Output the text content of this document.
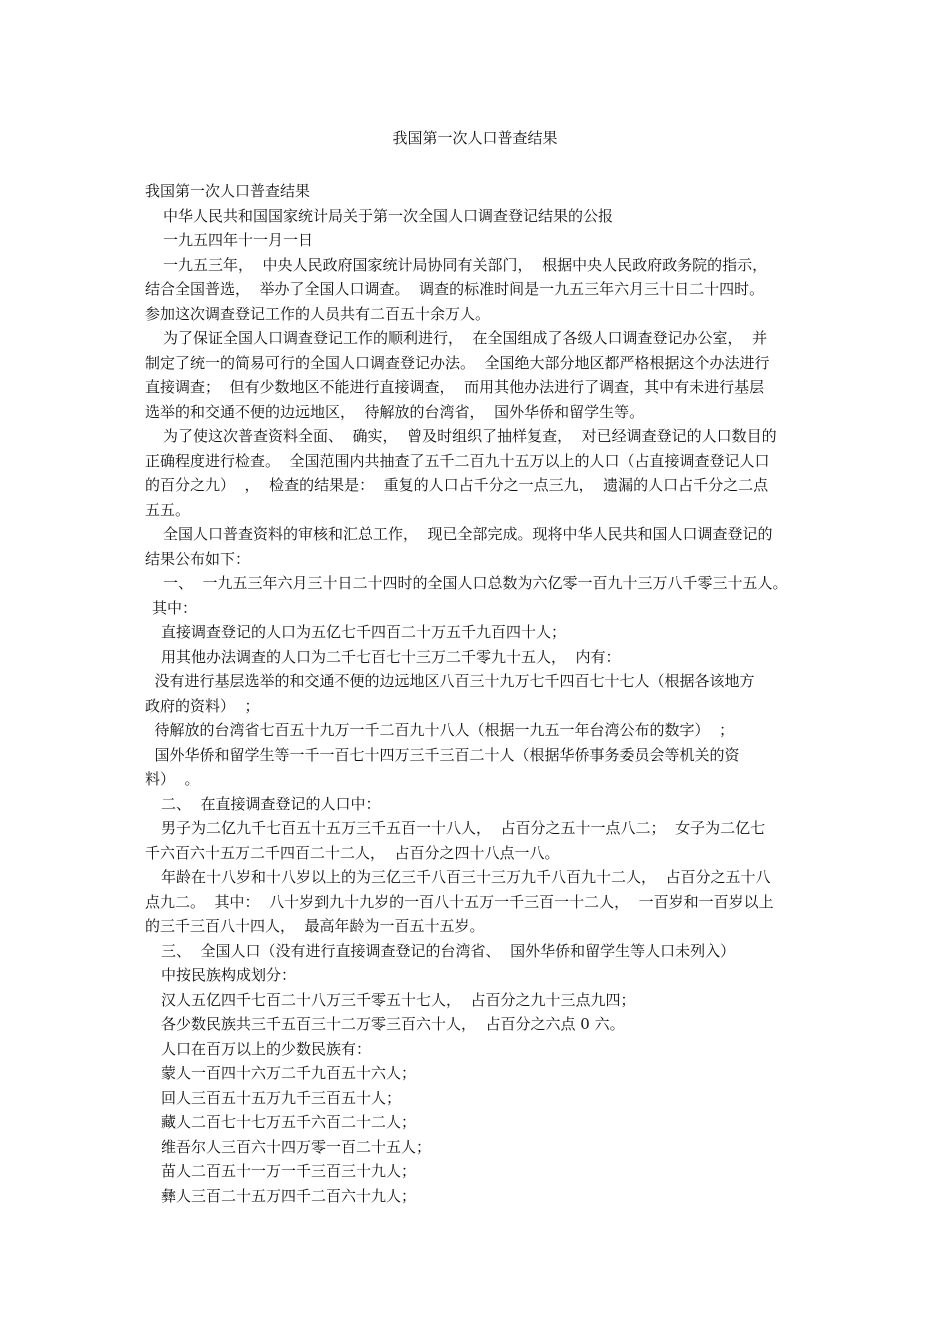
我国第一次人口普查结果
我国第一次人口普查结果
中华人民共和国国家统计局关于第一次全国人口调查登记结果的公报
一九五四年十一月一日
一九五三年，  中央人民政府国家统计局协同有关部门，  根据中央人民政府政务院的指示，
结合全国普选，  举办了全国人口调查。  调查的标准时间是一九五三年六月三十日二十四时。
参加这次调查登记工作的人员共有二百五十余万人。
为了保证全国人口调查登记工作的顺利进行，  在全国组成了各级人口调查登记办公室，  并
制定了统一的简易可行的全国人口调查登记办法。  全国绝大部分地区都严格根据这个办法进行
直接调查；  但有少数地区不能进行直接调查，  而用其他办法进行了调查，其中有未进行基层
选举的和交通不便的边远地区，  待解放的台湾省，  国外华侨和留学生等。
为了使这次普查资料全面、  确实，  曾及时组织了抽样复查，  对已经调查登记的人口数目的
正确程度进行检查。  全国范围内共抽查了五千二百九十五万以上的人口（占直接调查登记人口
的百分之九）  ，  检查的结果是：  重复的人口占千分之一点三九，  遗漏的人口占千分之二点
五五。
全国人口普查资料的审核和汇总工作，  现已全部完成。现将中华人民共和国人口调查登记的
结果公布如下：
一、  一九五三年六月三十日二十四时的全国人口总数为六亿零一百九十三万八千零三十五人。
其中：
直接调查登记的人口为五亿七千四百二十万五千九百四十人；
用其他办法调查的人口为二千七百七十三万二千零九十五人，  内有：
没有进行基层选举的和交通不便的边远地区八百三十九万七千四百七十七人（根据各该地方
政府的资料）  ；
待解放的台湾省七百五十九万一千二百九十八人（根据一九五一年台湾公布的数字）  ；
国外华侨和留学生等一千一百七十四万三千三百二十人（根据华侨事务委员会等机关的资
料）  。
二、  在直接调查登记的人口中：
男子为二亿九千七百五十五万三千五百一十八人，  占百分之五十一点八二；  女子为二亿七
千六百六十五万二千四百二十二人，  占百分之四十八点一八。
年龄在十八岁和十八岁以上的为三亿三千八百三十三万九千八百九十二人，  占百分之五十八
点九二。  其中：  八十岁到九十九岁的一百八十五万一千三百一十二人，  一百岁和一百岁以上
的三千三百八十四人，  最高年龄为一百五十五岁。
三、  全国人口（没有进行直接调查登记的台湾省、  国外华侨和留学生等人口未列入）
中按民族构成划分：
汉人五亿四千七百二十八万三千零五十七人，  占百分之九十三点九四；
各少数民族共三千五百三十二万零三百六十人，  占百分之六点 0 六。
人口在百万以上的少数民族有：
蒙人一百四十六万二千九百五十六人；
回人三百五十五万九千三百五十人；
藏人二百七十七万五千六百二十二人；
维吾尔人三百六十四万零一百二十五人；
苗人二百五十一万一千三百三十九人；
彝人三百二十五万四千二百六十九人；
